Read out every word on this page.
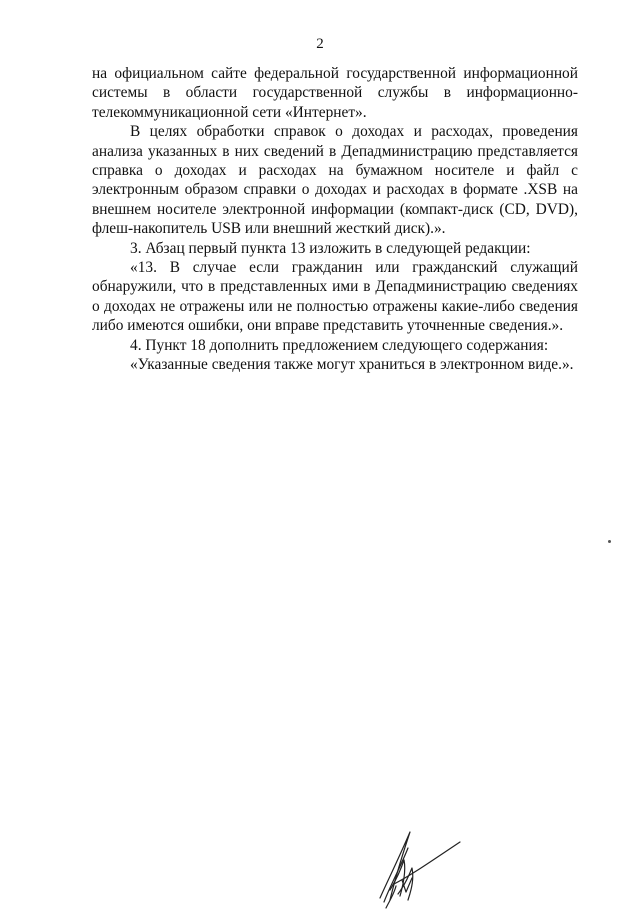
2

на официальном сайте федеральной государственной информационной системы в области государственной службы в информационно-телекоммуникационной сети «Интернет».

В целях обработки справок о доходах и расходах, проведения анализа указанных в них сведений в Депадминистрацию представляется справка о доходах и расходах на бумажном носителе и файл с электронным образом справки о доходах и расходах в формате .XSB на внешнем носителе электронной информации (компакт-диск (CD, DVD), флеш-накопитель USB или внешний жесткий диск).».

3. Абзац первый пункта 13 изложить в следующей редакции:

«13. В случае если гражданин или гражданский служащий обнаружили, что в представленных ими в Депадминистрацию сведениях о доходах не отражены или не полностью отражены какие-либо сведения либо имеются ошибки, они вправе представить уточненные сведения.».

4. Пункт 18 дополнить предложением следующего содержания:

«Указанные сведения также могут храниться в электронном виде.».
